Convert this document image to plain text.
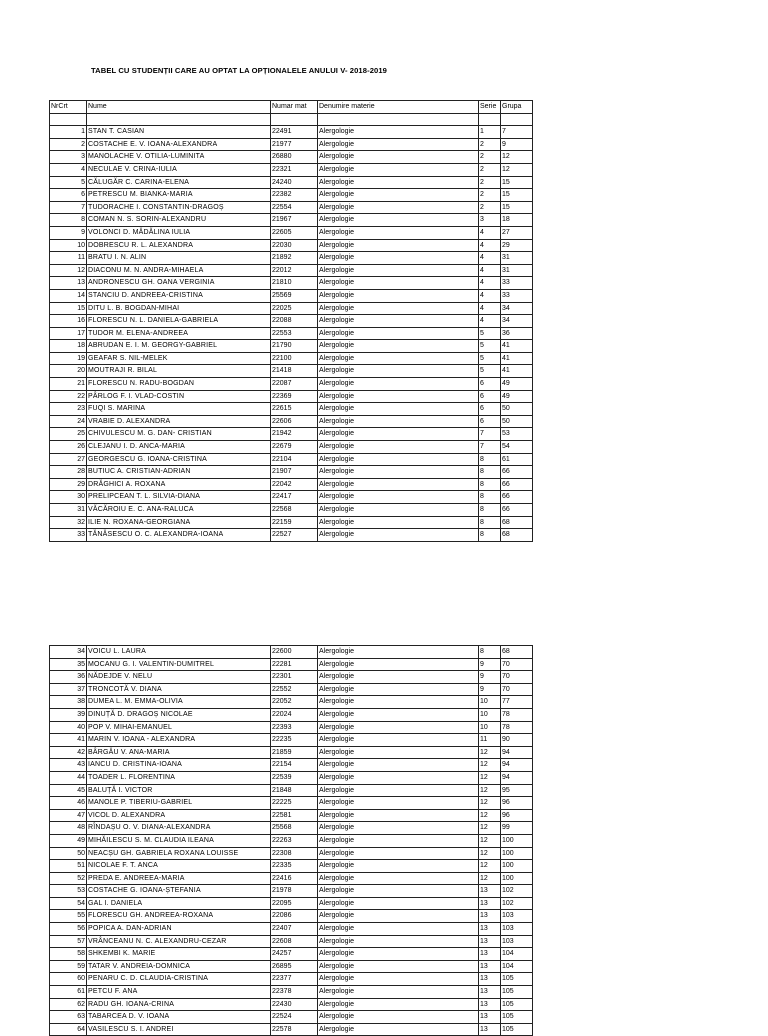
TABEL CU STUDENȚII CARE AU OPTAT LA OPȚIONALELE ANULUI V- 2018-2019
NrCrt	Nume	Numar mat	Denumire materie	Serie	Grupa

1	STAN T. CASIAN	22491	Alergologie	1	7
2	COSTACHE E. V. IOANA-ALEXANDRA	21977	Alergologie	2	9
3	MANOLACHE V. OTILIA-LUMINITA	26880	Alergologie	2	12
4	NECULAE V. CRINA-IULIA	22321	Alergologie	2	12
5	CĂLUGĂR C. CARINA-ELENA	24240	Alergologie	2	15
6	PETRESCU M. BIANKA-MARIA	22382	Alergologie	2	15
7	TUDORACHE I. CONSTANTIN-DRAGOȘ	22554	Alergologie	2	15
8	COMAN N. S. SORIN-ALEXANDRU	21967	Alergologie	3	18
9	VOLONCI D. MĂDĂLINA IULIA	22605	Alergologie	4	27
10	DOBRESCU R. L. ALEXANDRA	22030	Alergologie	4	29
11	BRATU I. N. ALIN	21892	Alergologie	4	31
12	DIACONU M. N. ANDRA-MIHAELA	22012	Alergologie	4	31
13	ANDRONESCU GH. OANA VERGINIA	21810	Alergologie	4	33
14	STANCIU D. ANDREEA-CRISTINA	25569	Alergologie	4	33
15	DITU L. B. BOGDAN-MIHAI	22025	Alergologie	4	34
16	FLORESCU N. L. DANIELA-GABRIELA	22088	Alergologie	4	34
17	TUDOR M. ELENA-ANDREEA	22553	Alergologie	5	36
18	ABRUDAN E. I. M. GEORGY-GABRIEL	21790	Alergologie	5	41
19	GEAFAR S. NIL-MELEK	22100	Alergologie	5	41
20	MOUTRAJI R. BILAL	21418	Alergologie	5	41
21	FLORESCU N. RADU-BOGDAN	22087	Alergologie	6	49
22	PÂRLOG F. I. VLAD-COSTIN	22369	Alergologie	6	49
23	FUQI S. MARINA	22615	Alergologie	6	50
24	VRABIE D. ALEXANDRA	22606	Alergologie	6	50
25	CHIVULESCU M. G. DAN- CRISTIAN	21942	Alergologie	7	53
26	CLEJANU I. D. ANCA-MARIA	22679	Alergologie	7	54
27	GEORGESCU G. IOANA-CRISTINA	22104	Alergologie	8	61
28	BUTIUC A. CRISTIAN-ADRIAN	21907	Alergologie	8	66
29	DRĂGHICI A. ROXANA	22042	Alergologie	8	66
30	PRELIPCEAN T. L. SILVIA-DIANA	22417	Alergologie	8	66
31	VĂCĂROIU E. C. ANA-RALUCA	22568	Alergologie	8	66
32	ILIE N. ROXANA-GEORGIANA	22159	Alergologie	8	68
33	TĂNĂSESCU O. C. ALEXANDRA-IOANA	22527	Alergologie	8	68
34	VOICU L. LAURA	22600	Alergologie	8	68
35	MOCANU G. I. VALENTIN-DUMITREL	22281	Alergologie	9	70
36	NĂDEJDE V. NELU	22301	Alergologie	9	70
37	TRONCOTĂ V. DIANA	22552	Alergologie	9	70
38	DUMEA L. M. EMMA-OLIVIA	22052	Alergologie	10	77
39	DINUȚĂ D. DRAGOȘ NICOLAE	22024	Alergologie	10	78
40	POP V. MIHAI-EMANUEL	22393	Alergologie	10	78
41	MARIN V. IOANA - ALEXANDRA	22235	Alergologie	11	90
42	BÂRGĂU V. ANA-MARIA	21859	Alergologie	12	94
43	IANCU D. CRISTINA-IOANA	22154	Alergologie	12	94
44	TOADER L. FLORENTINA	22539	Alergologie	12	94
45	BALUȚĂ I. VICTOR	21848	Alergologie	12	95
46	MANOLE P. TIBERIU-GABRIEL	22225	Alergologie	12	96
47	VICOL D. ALEXANDRA	22581	Alergologie	12	96
48	RÎNDAȘU O. V. DIANA-ALEXANDRA	25568	Alergologie	12	99
49	MIHĂILESCU S. M. CLAUDIA ILEANA	22263	Alergologie	12	100
50	NEACȘU GH. GABRIELA ROXANA LOUISSE	22308	Alergologie	12	100
51	NICOLAE F. T. ANCA	22335	Alergologie	12	100
52	PREDA E. ANDREEA-MARIA	22416	Alergologie	12	100
53	COSTACHE G. IOANA-ȘTEFANIA	21978	Alergologie	13	102
54	GAL I. DANIELA	22095	Alergologie	13	102
55	FLORESCU GH. ANDREEA-ROXANA	22086	Alergologie	13	103
56	POPICA A. DAN-ADRIAN	22407	Alergologie	13	103
57	VRÂNCEANU N. C. ALEXANDRU-CEZAR	22608	Alergologie	13	103
58	SHKEMBI K. MARIE	24257	Alergologie	13	104
59	TATAR V. ANDREIA-DOMNICA	26895	Alergologie	13	104
60	PENARU C. D. CLAUDIA-CRISTINA	22377	Alergologie	13	105
61	PETCU F. ANA	22378	Alergologie	13	105
62	RADU GH. IOANA-CRINA	22430	Alergologie	13	105
63	TABARCEA D. V. IOANA	22524	Alergologie	13	105
64	VASILESCU S. I. ANDREI	22578	Alergologie	13	105
